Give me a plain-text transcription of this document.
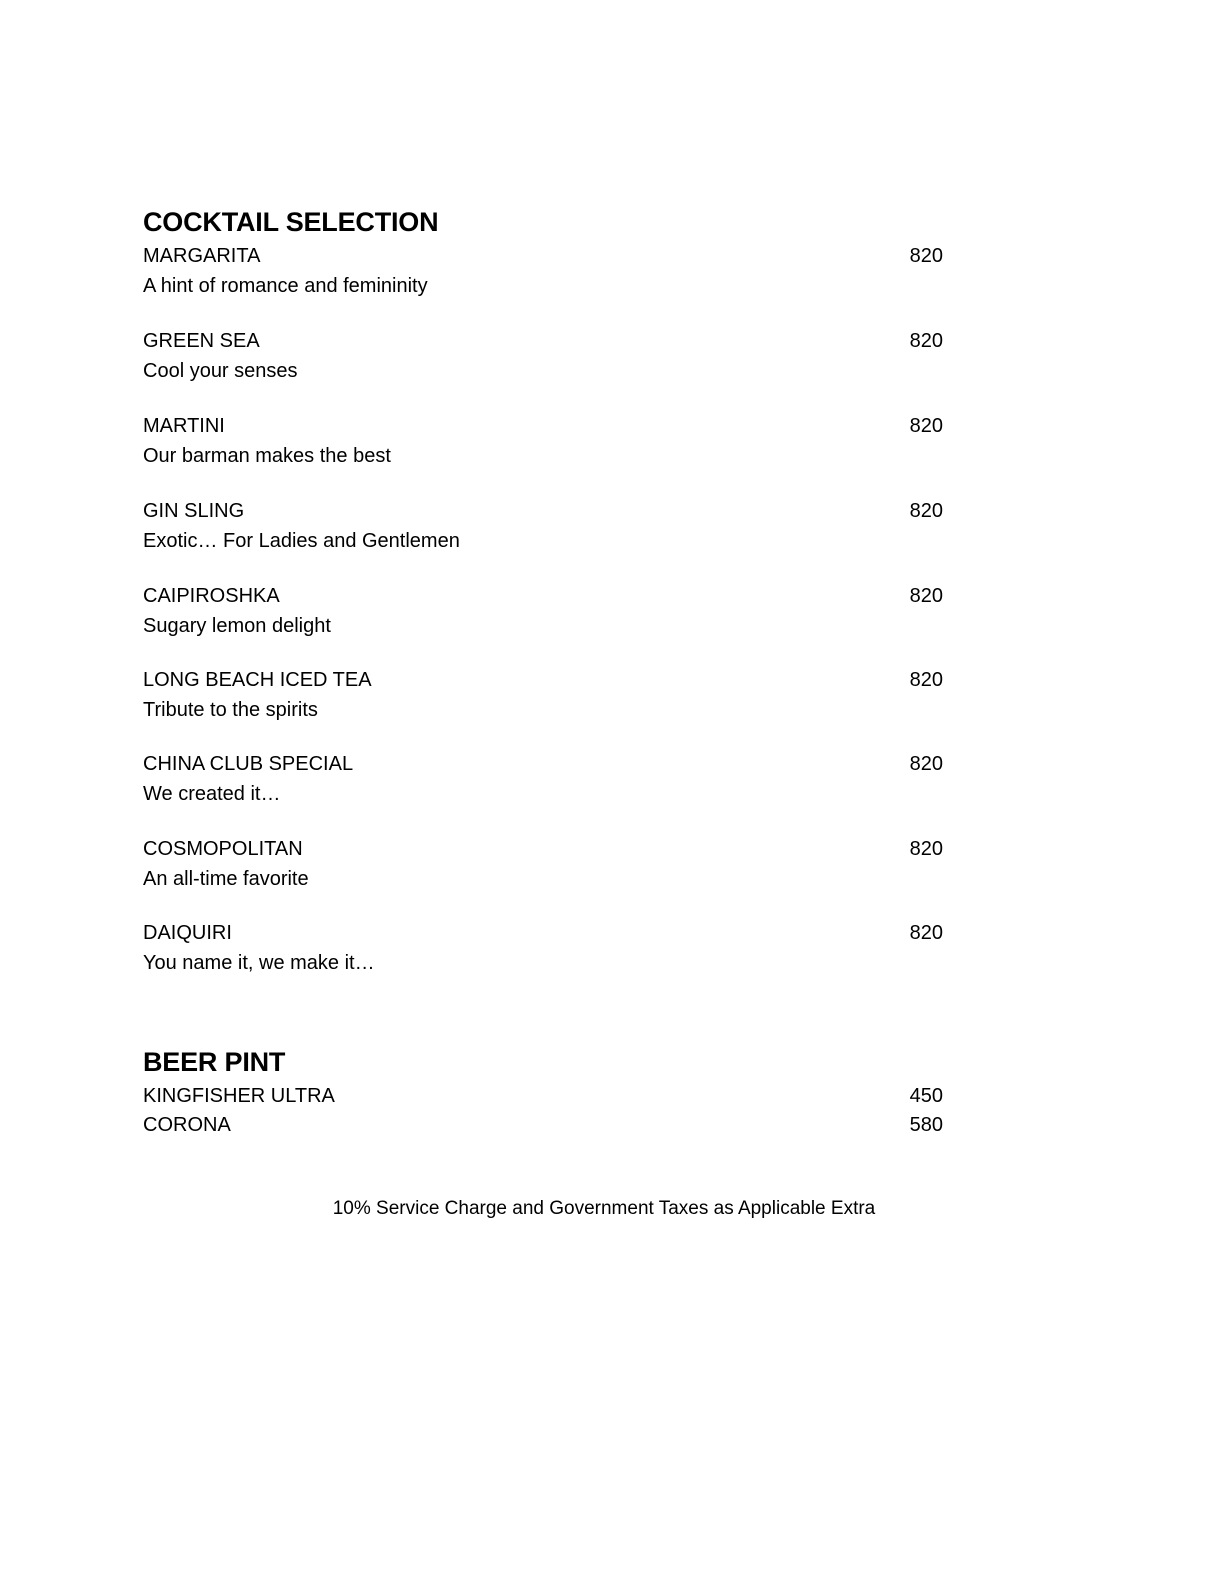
COCKTAIL SELECTION
MARGARITA	820
A hint of romance and femininity
GREEN SEA	820
Cool your senses
MARTINI	820
Our barman makes the best
GIN SLING	820
Exotic… For Ladies and Gentlemen
CAIPIROSHKA	820
Sugary lemon delight
LONG BEACH ICED TEA	820
Tribute to the spirits
CHINA CLUB SPECIAL	820
We created it…
COSMOPOLITAN	820
An all-time favorite
DAIQUIRI	820
You name it, we make it…
BEER PINT
KINGFISHER ULTRA	450
CORONA	580
10% Service Charge and Government Taxes as Applicable Extra
